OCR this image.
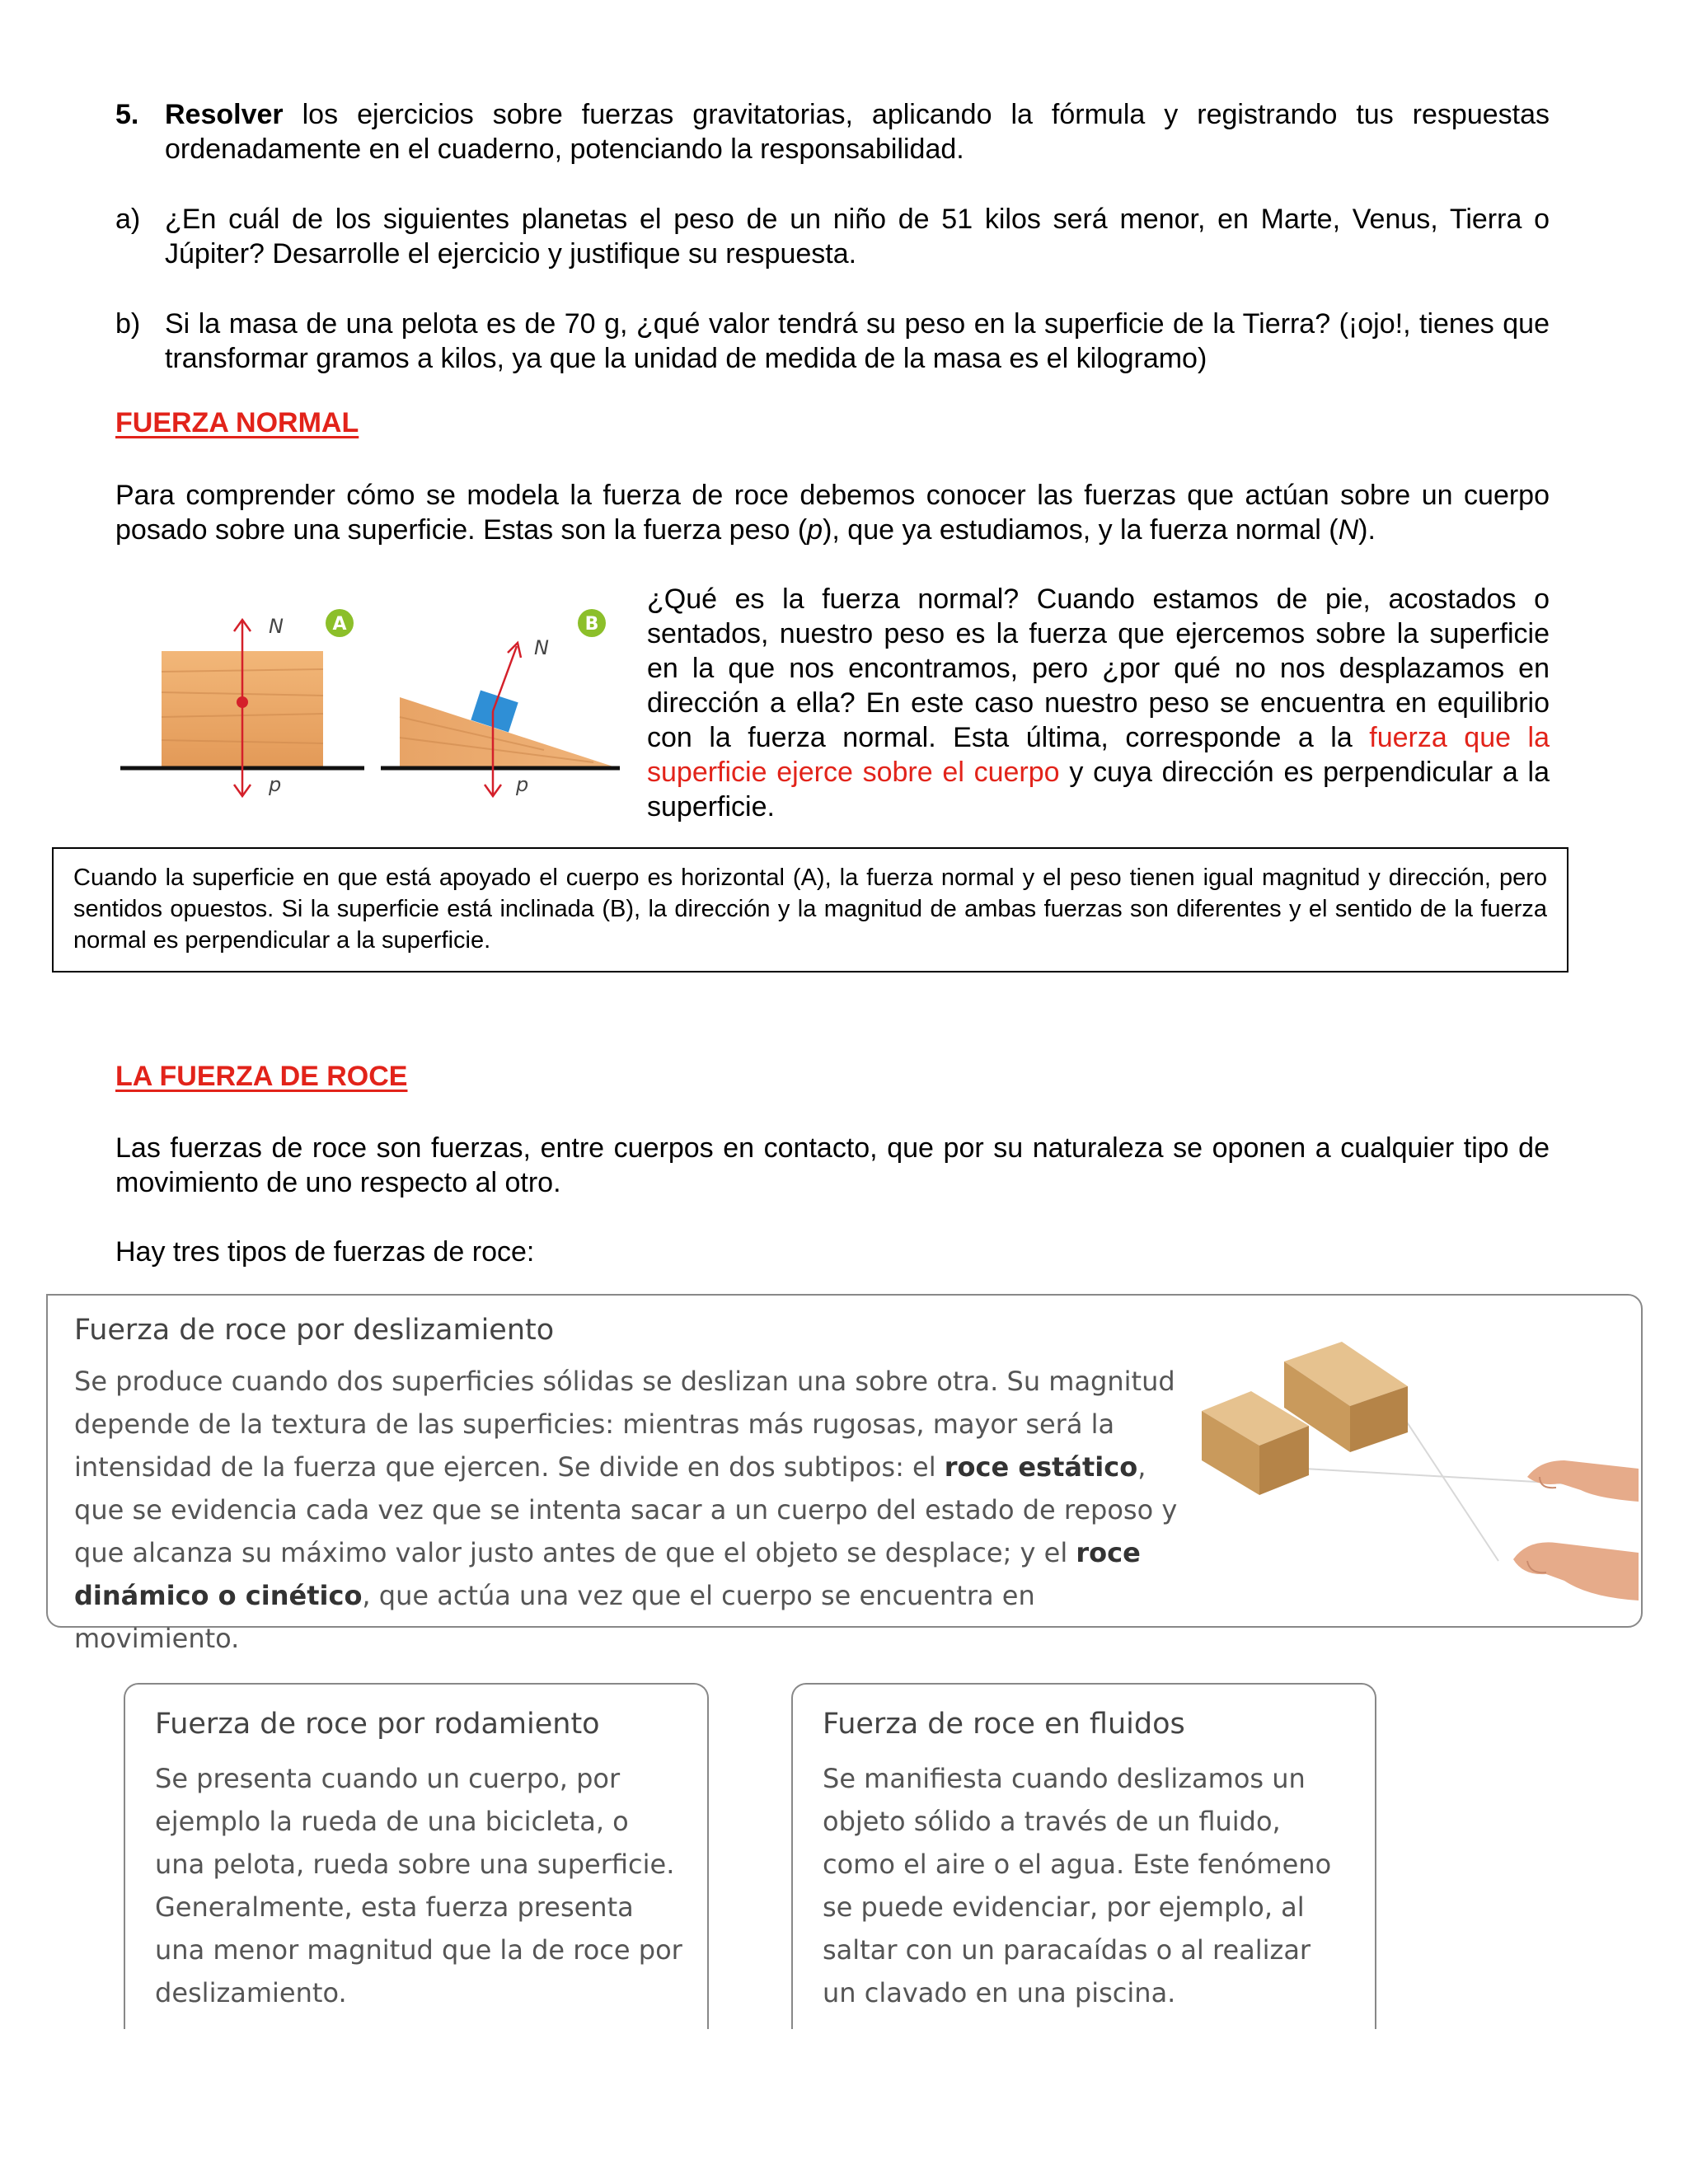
5. Resolver los ejercicios sobre fuerzas gravitatorias, aplicando la fórmula y registrando tus respuestas ordenadamente en el cuaderno, potenciando la responsabilidad.
a) ¿En cuál de los siguientes planetas el peso de un niño de 51 kilos será menor, en Marte, Venus, Tierra o Júpiter? Desarrolle el ejercicio y justifique su respuesta.
b) Si la masa de una pelota es de 70 g, ¿qué valor tendrá su peso en la superficie de la Tierra? (¡ojo!, tienes que transformar gramos a kilos, ya que la unidad de medida de la masa es el kilogramo)
FUERZA NORMAL
Para comprender cómo se modela la fuerza de roce debemos conocer las fuerzas que actúan sobre un cuerpo posado sobre una superficie. Estas son la fuerza peso (p), que ya estudiamos, y la fuerza normal (N).
N
p
A
N
p
B
¿Qué es la fuerza normal? Cuando estamos de pie, acostados o sentados, nuestro peso es la fuerza que ejercemos sobre la superficie en la que nos encontramos, pero ¿por qué no nos desplazamos en dirección a ella? En este caso nuestro peso se encuentra en equilibrio con la fuerza normal. Esta última, corresponde a la fuerza que la superficie ejerce sobre el cuerpo y cuya dirección es perpendicular a la superficie.

Cuando la superficie en que está apoyado el cuerpo es horizontal (A), la fuerza normal y el peso tienen igual magnitud y dirección, pero sentidos opuestos. Si la superficie está inclinada (B), la dirección y la magnitud de ambas fuerzas son diferentes y el sentido de la fuerza normal es perpendicular a la superficie.

LA FUERZA DE ROCE
Las fuerzas de roce son fuerzas, entre cuerpos en contacto, que por su naturaleza se oponen a cualquier tipo de movimiento de uno respecto al otro.
Hay tres tipos de fuerzas de roce:
Fuerza de roce por deslizamiento
Se produce cuando dos superficies sólidas se deslizan una sobre otra. Su magnitud depende de la textura de las superficies: mientras más rugosas, mayor será la intensidad de la fuerza que ejercen. Se divide en dos subtipos: el roce estático, que se evidencia cada vez que se intenta sacar a un cuerpo del estado de reposo y que alcanza su máximo valor justo antes de que el objeto se desplace; y el roce dinámico o cinético, que actúa una vez que el cuerpo se encuentra en movimiento.
Fuerza de roce por rodamiento
Se presenta cuando un cuerpo, por ejemplo la rueda de una bicicleta, o una pelota, rueda sobre una superficie. Generalmente, esta fuerza presenta una menor magnitud que la de roce por deslizamiento.
Fuerza de roce en fluidos
Se manifiesta cuando deslizamos un objeto sólido a través de un fluido, como el aire o el agua. Este fenómeno se puede evidenciar, por ejemplo, al saltar con un paracaídas o al realizar un clavado en una piscina.
